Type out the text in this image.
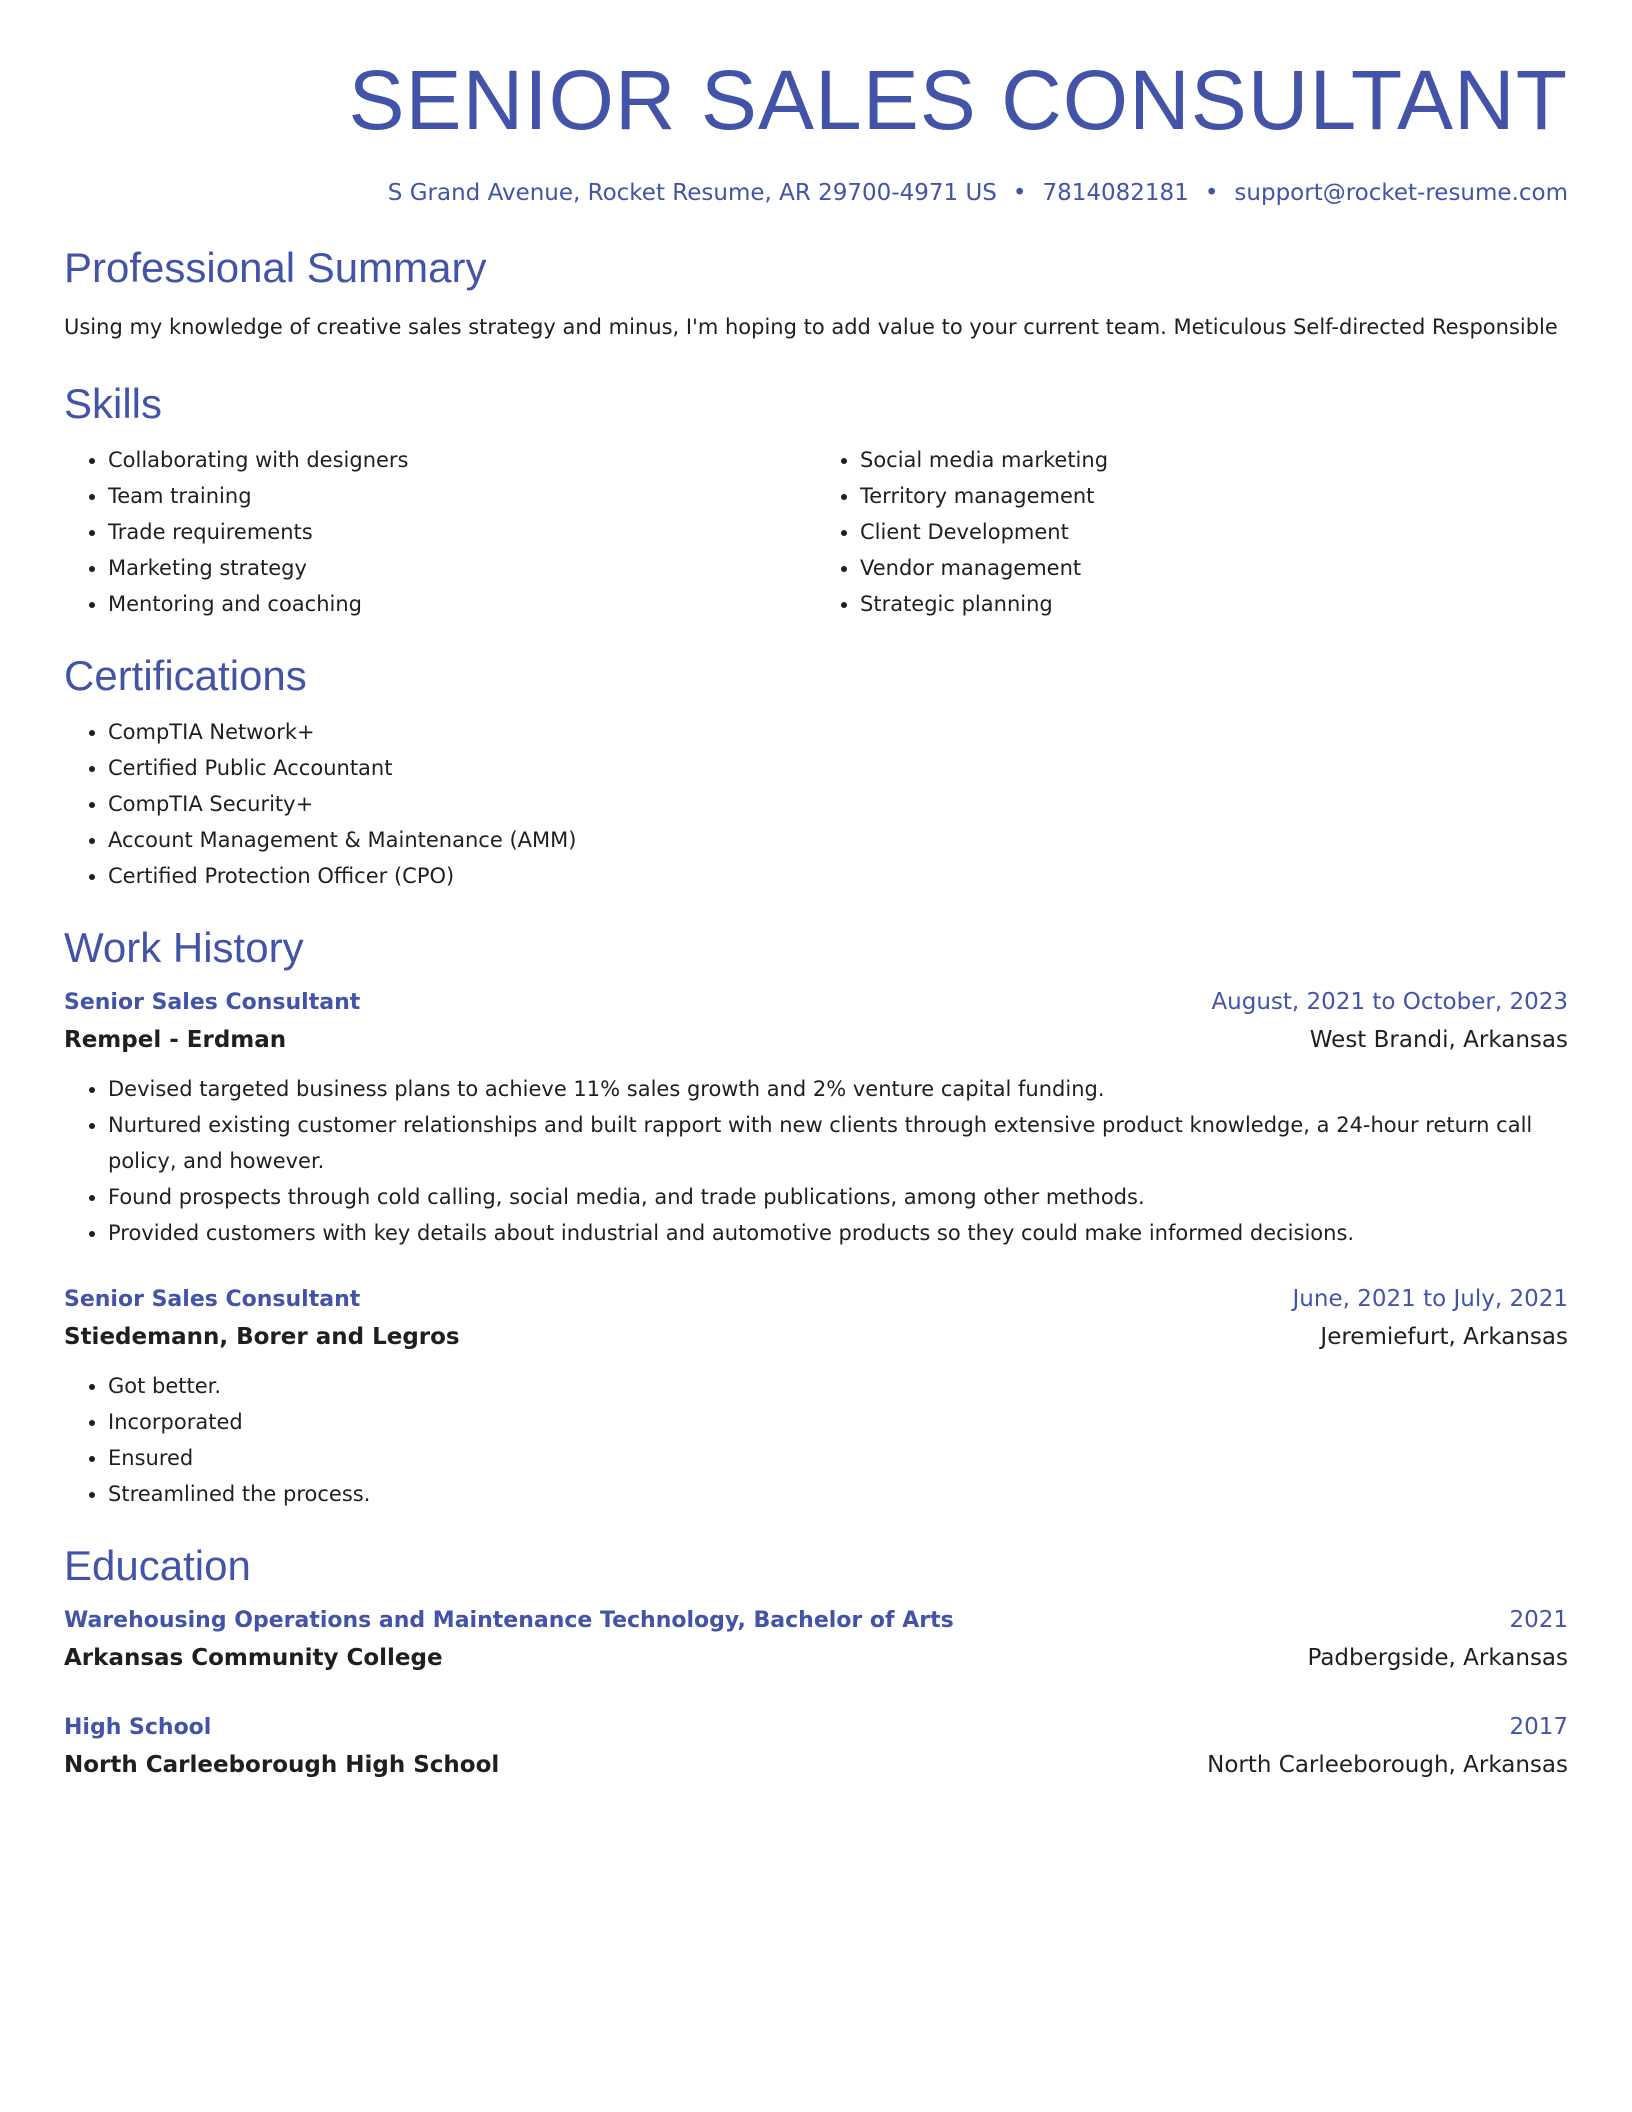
SENIOR SALES CONSULTANT
S Grand Avenue, Rocket Resume, AR 29700-4971 US • 7814082181 • support@rocket-resume.com
Professional Summary
Using my knowledge of creative sales strategy and minus, I'm hoping to add value to your current team. Meticulous Self-directed Responsible
Skills
• Collaborating with designers
• Team training
• Trade requirements
• Marketing strategy
• Mentoring and coaching
• Social media marketing
• Territory management
• Client Development
• Vendor management
• Strategic planning
Certifications
• CompTIA Network+
• Certified Public Accountant
• CompTIA Security+
• Account Management & Maintenance (AMM)
• Certified Protection Officer (CPO)
Work History
Senior Sales Consultant	August, 2021 to October, 2023
Rempel - Erdman	West Brandi, Arkansas
• Devised targeted business plans to achieve 11% sales growth and 2% venture capital funding.
• Nurtured existing customer relationships and built rapport with new clients through extensive product knowledge, a 24-hour return call policy, and however.
• Found prospects through cold calling, social media, and trade publications, among other methods.
• Provided customers with key details about industrial and automotive products so they could make informed decisions.
Senior Sales Consultant	June, 2021 to July, 2021
Stiedemann, Borer and Legros	Jeremiefurt, Arkansas
• Got better.
• Incorporated
• Ensured
• Streamlined the process.
Education
Warehousing Operations and Maintenance Technology, Bachelor of Arts	2021
Arkansas Community College	Padbergside, Arkansas
High School	2017
North Carleeborough High School	North Carleeborough, Arkansas
